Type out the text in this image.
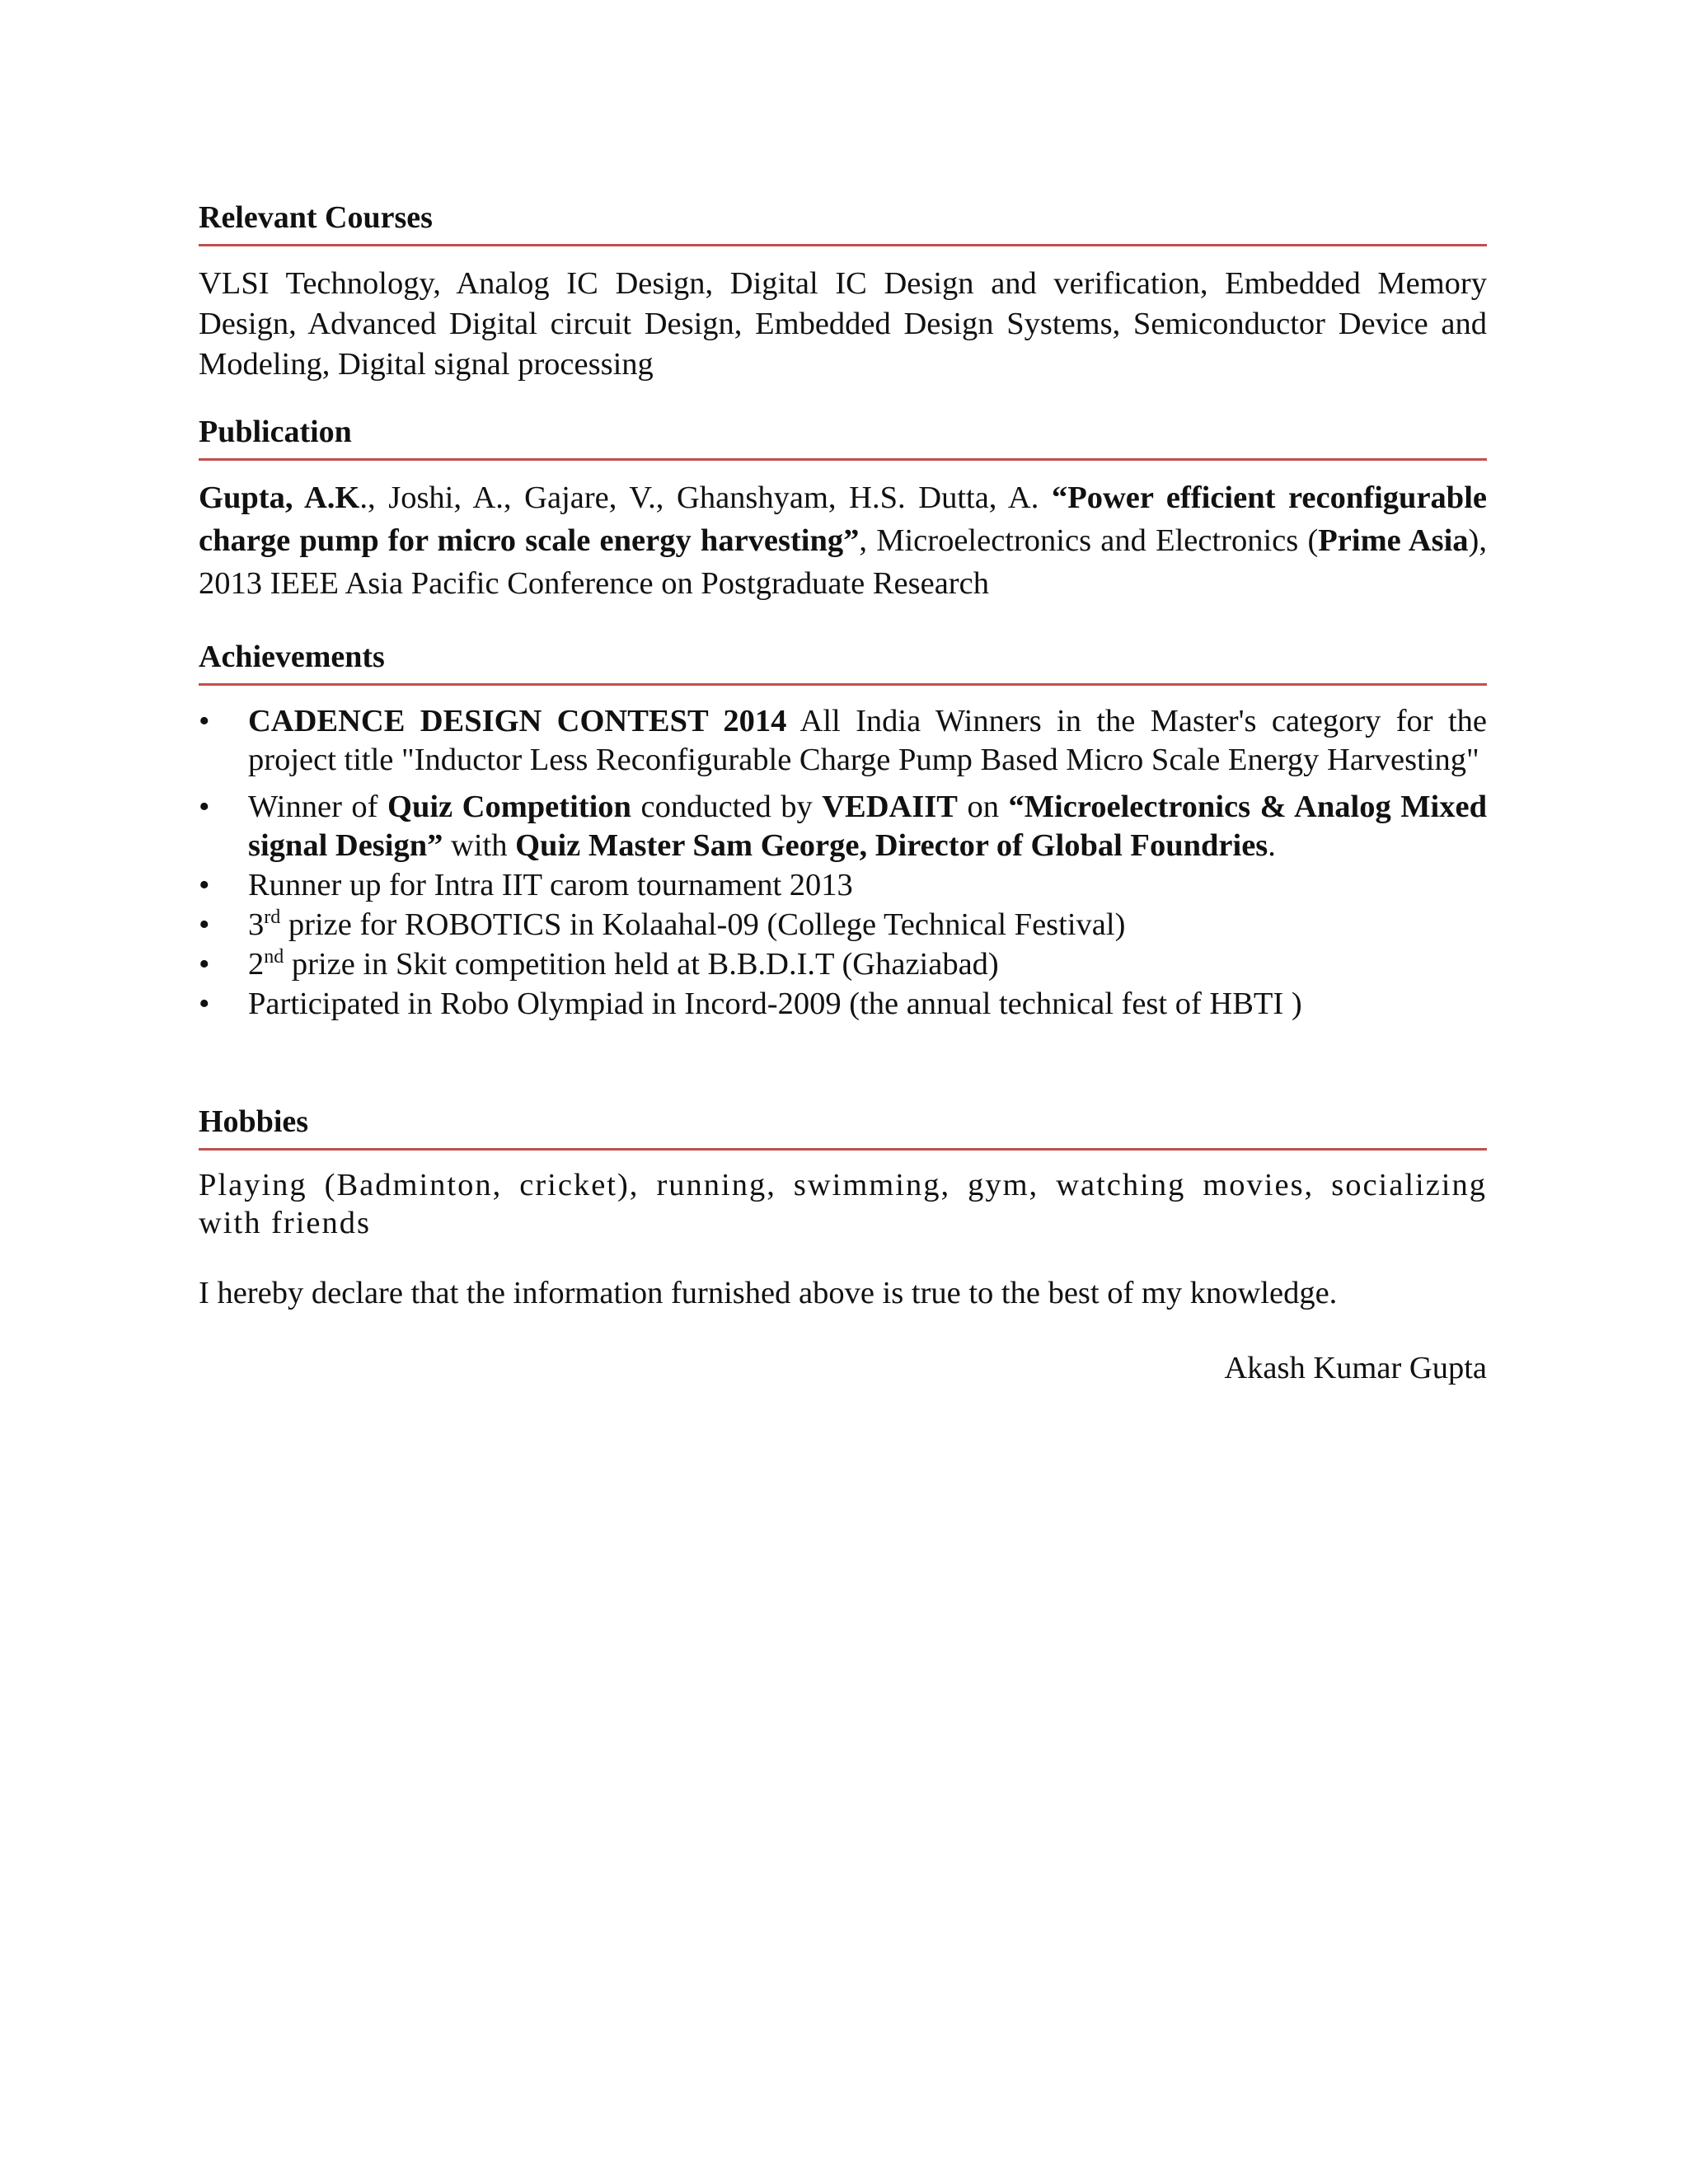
Relevant Courses

VLSI Technology, Analog IC Design, Digital IC Design and verification, Embedded Memory Design, Advanced Digital circuit Design, Embedded Design Systems, Semiconductor Device and Modeling, Digital signal processing

Publication

Gupta, A.K., Joshi, A., Gajare, V., Ghanshyam, H.S. Dutta, A. “Power efficient reconfigurable charge pump for micro scale energy harvesting”, Microelectronics and Electronics (Prime Asia), 2013 IEEE Asia Pacific Conference on Postgraduate Research

Achievements

• CADENCE DESIGN CONTEST 2014 All India Winners in the Master's category for the project title "Inductor Less Reconfigurable Charge Pump Based Micro Scale Energy Harvesting"
• Winner of Quiz Competition conducted by VEDAIIT on “Microelectronics & Analog Mixed signal Design” with Quiz Master Sam George, Director of Global Foundries.
• Runner up for Intra IIT carom tournament 2013
• 3rd prize for ROBOTICS in Kolaahal-09 (College Technical Festival)
• 2nd prize in Skit competition held at B.B.D.I.T (Ghaziabad)
• Participated in Robo Olympiad in Incord-2009 (the annual technical fest of HBTI )

Hobbies

Playing (Badminton, cricket), running, swimming, gym, watching movies, socializing with friends

I hereby declare that the information furnished above is true to the best of my knowledge.

Akash Kumar Gupta
